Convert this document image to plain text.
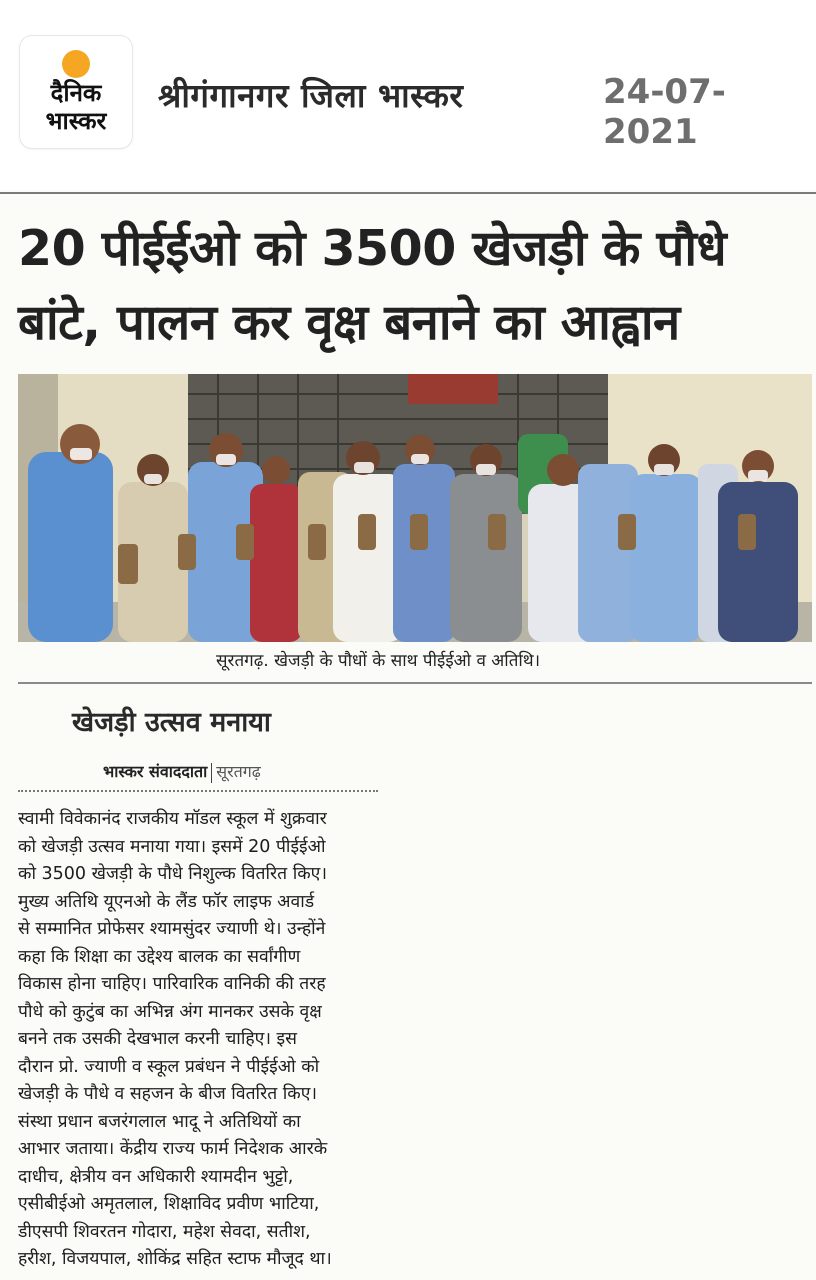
दैनिक
भास्कर
श्रीगंगानगर जिला भास्कर	24-07-2021
20 पीईईओ को 3500 खेजड़ी के पौधे
बांटे, पालन कर वृक्ष बनाने का आह्वान
सूरतगढ़. खेजड़ी के पौधों के साथ पीईईओ व अतिथि।
खेजड़ी उत्सव मनाया
भास्कर संवाददाता सूरतगढ़
स्वामी विवेकानंद राजकीय मॉडल स्कूल में शुक्रवार
को खेजड़ी उत्सव मनाया गया। इसमें 20 पीईईओ
को 3500 खेजड़ी के पौधे निशुल्क वितरित किए।
मुख्य अतिथि यूएनओ के लैंड फॉर लाइफ अवार्ड
से सम्मानित प्रोफेसर श्यामसुंदर ज्याणी थे। उन्होंने
कहा कि शिक्षा का उद्देश्य बालक का सर्वांगीण
विकास होना चाहिए। पारिवारिक वानिकी की तरह
पौधे को कुटुंब का अभिन्न अंग मानकर उसके वृक्ष
बनने तक उसकी देखभाल करनी चाहिए। इस
दौरान प्रो. ज्याणी व स्कूल प्रबंधन ने पीईईओ को
खेजड़ी के पौधे व सहजन के बीज वितरित किए।
संस्था प्रधान बजरंगलाल भादू ने अतिथियों का
आभार जताया। केंद्रीय राज्य फार्म निदेशक आरके
दाधीच, क्षेत्रीय वन अधिकारी श्यामदीन भुट्टो,
एसीबीईओ अमृतलाल, शिक्षाविद प्रवीण भाटिया,
डीएसपी शिवरतन गोदारा, महेश सेवदा, सतीश,
हरीश, विजयपाल, शोकिंद्र सहित स्टाफ मौजूद था।
